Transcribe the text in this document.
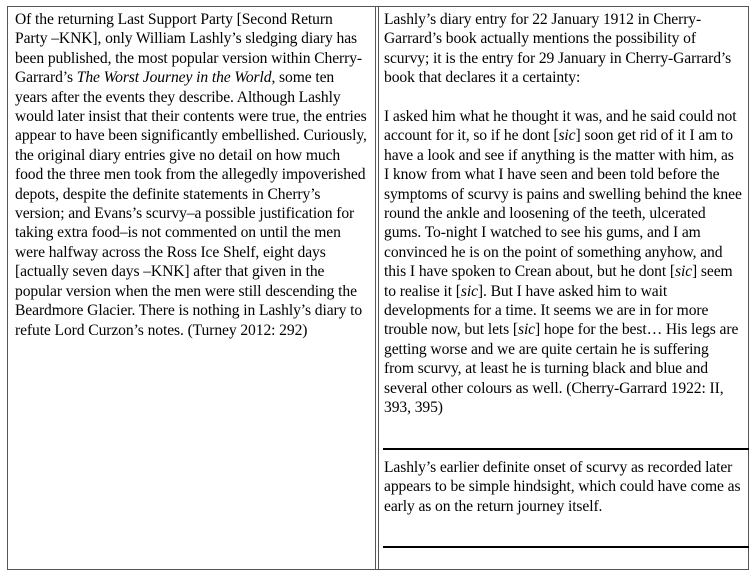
Of the returning Last Support Party [Second Return Party –KNK], only William Lashly’s sledging diary has been published, the most popular version within Cherry-Garrard’s The Worst Journey in the World, some ten years after the events they describe. Although Lashly would later insist that their contents were true, the entries appear to have been significantly embellished. Curiously, the original diary entries give no detail on how much food the three men took from the allegedly impoverished depots, despite the definite statements in Cherry’s version; and Evans’s scurvy–a possible justification for taking extra food–is not commented on until the men were halfway across the Ross Ice Shelf, eight days [actually seven days –KNK] after that given in the popular version when the men were still descending the Beardmore Glacier. There is nothing in Lashly’s diary to refute Lord Curzon’s notes. (Turney 2012: 292)

Lashly’s diary entry for 22 January 1912 in Cherry-Garrard’s book actually mentions the possibility of scurvy; it is the entry for 29 January in Cherry-Garrard’s book that declares it a certainty:

I asked him what he thought it was, and he said could not account for it, so if he dont [sic] soon get rid of it I am to have a look and see if anything is the matter with him, as I know from what I have seen and been told before the symptoms of scurvy is pains and swelling behind the knee round the ankle and loosening of the teeth, ulcerated gums. To-night I watched to see his gums, and I am convinced he is on the point of something anyhow, and this I have spoken to Crean about, but he dont [sic] seem to realise it [sic]. But I have asked him to wait developments for a time. It seems we are in for more trouble now, but lets [sic] hope for the best… His legs are getting worse and we are quite certain he is suffering from scurvy, at least he is turning black and blue and several other colours as well. (Cherry-Garrard 1922: II, 393, 395)

Lashly’s earlier definite onset of scurvy as recorded later appears to be simple hindsight, which could have come as early as on the return journey itself.
